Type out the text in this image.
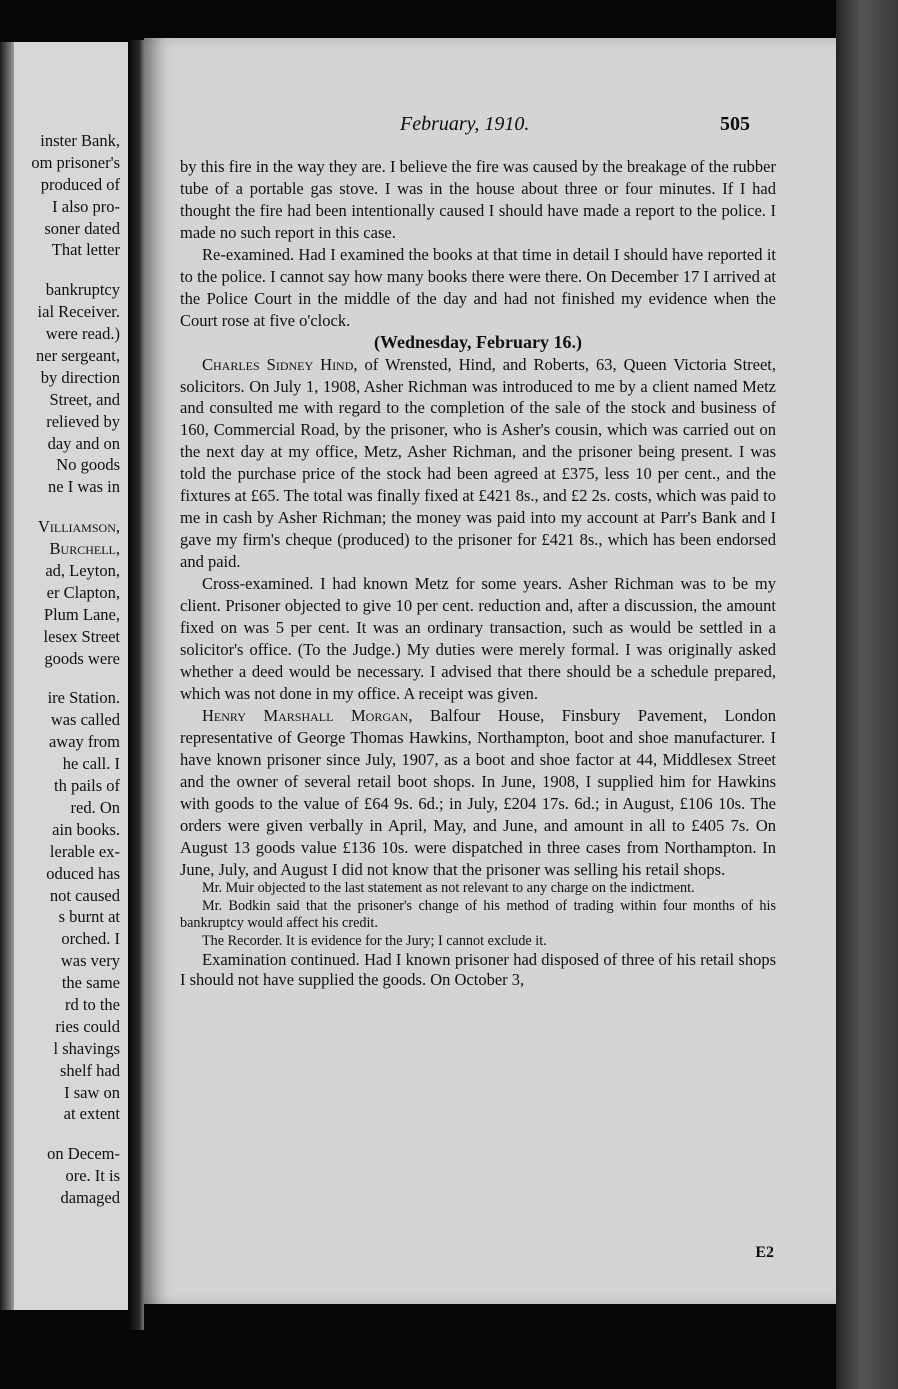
inster Bank,
om prisoner's
produced of
I also pro-
soner dated
That letter
bankruptcy
ial Receiver.
were read.)
ner sergeant,
by direction
Street, and
relieved by
day and on
No goods
ne I was in
Villiamson,
Burchell,
ad, Leyton,
er Clapton,
Plum Lane,
lesex Street
goods were
ire Station.
was called
away from
he call. I
th pails of
red. On
ain books.
lerable ex-
oduced has
not caused
s burnt at
orched. I
was very
the same
rd to the
ries could
l shavings
shelf had
I saw on
at extent
on Decem-
ore. It is
damaged
February, 1910.	505

by this fire in the way they are. I believe the fire was caused by the breakage of the rubber tube of a portable gas stove. I was in the house about three or four minutes. If I had thought the fire had been intentionally caused I should have made a report to the police. I made no such report in this case.

Re-examined. Had I examined the books at that time in detail I should have reported it to the police. I cannot say how many books there were there. On December 17 I arrived at the Police Court in the middle of the day and had not finished my evidence when the Court rose at five o'clock.

(Wednesday, February 16.)

Charles Sidney Hind, of Wrensted, Hind, and Roberts, 63, Queen Victoria Street, solicitors. On July 1, 1908, Asher Richman was introduced to me by a client named Metz and consulted me with regard to the completion of the sale of the stock and business of 160, Commercial Road, by the prisoner, who is Asher's cousin, which was carried out on the next day at my office, Metz, Asher Richman, and the prisoner being present. I was told the purchase price of the stock had been agreed at £375, less 10 per cent., and the fixtures at £65. The total was finally fixed at £421 8s., and £2 2s. costs, which was paid to me in cash by Asher Richman; the money was paid into my account at Parr's Bank and I gave my firm's cheque (produced) to the prisoner for £421 8s., which has been endorsed and paid.

Cross-examined. I had known Metz for some years. Asher Richman was to be my client. Prisoner objected to give 10 per cent. reduction and, after a discussion, the amount fixed on was 5 per cent. It was an ordinary transaction, such as would be settled in a solicitor's office. (To the Judge.) My duties were merely formal. I was originally asked whether a deed would be necessary. I advised that there should be a schedule prepared, which was not done in my office. A receipt was given.

Henry Marshall Morgan, Balfour House, Finsbury Pavement, London representative of George Thomas Hawkins, Northampton, boot and shoe manufacturer. I have known prisoner since July, 1907, as a boot and shoe factor at 44, Middlesex Street and the owner of several retail boot shops. In June, 1908, I supplied him for Hawkins with goods to the value of £64 9s. 6d.; in July, £204 17s. 6d.; in August, £106 10s. The orders were given verbally in April, May, and June, and amount in all to £405 7s. On August 13 goods value £136 10s. were dispatched in three cases from Northampton. In June, July, and August I did not know that the prisoner was selling his retail shops.

Mr. Muir objected to the last statement as not relevant to any charge on the indictment.

Mr. Bodkin said that the prisoner's change of his method of trading within four months of his bankruptcy would affect his credit.

The Recorder. It is evidence for the Jury; I cannot exclude it.

Examination continued. Had I known prisoner had disposed of three of his retail shops I should not have supplied the goods. On October 3,

E2
